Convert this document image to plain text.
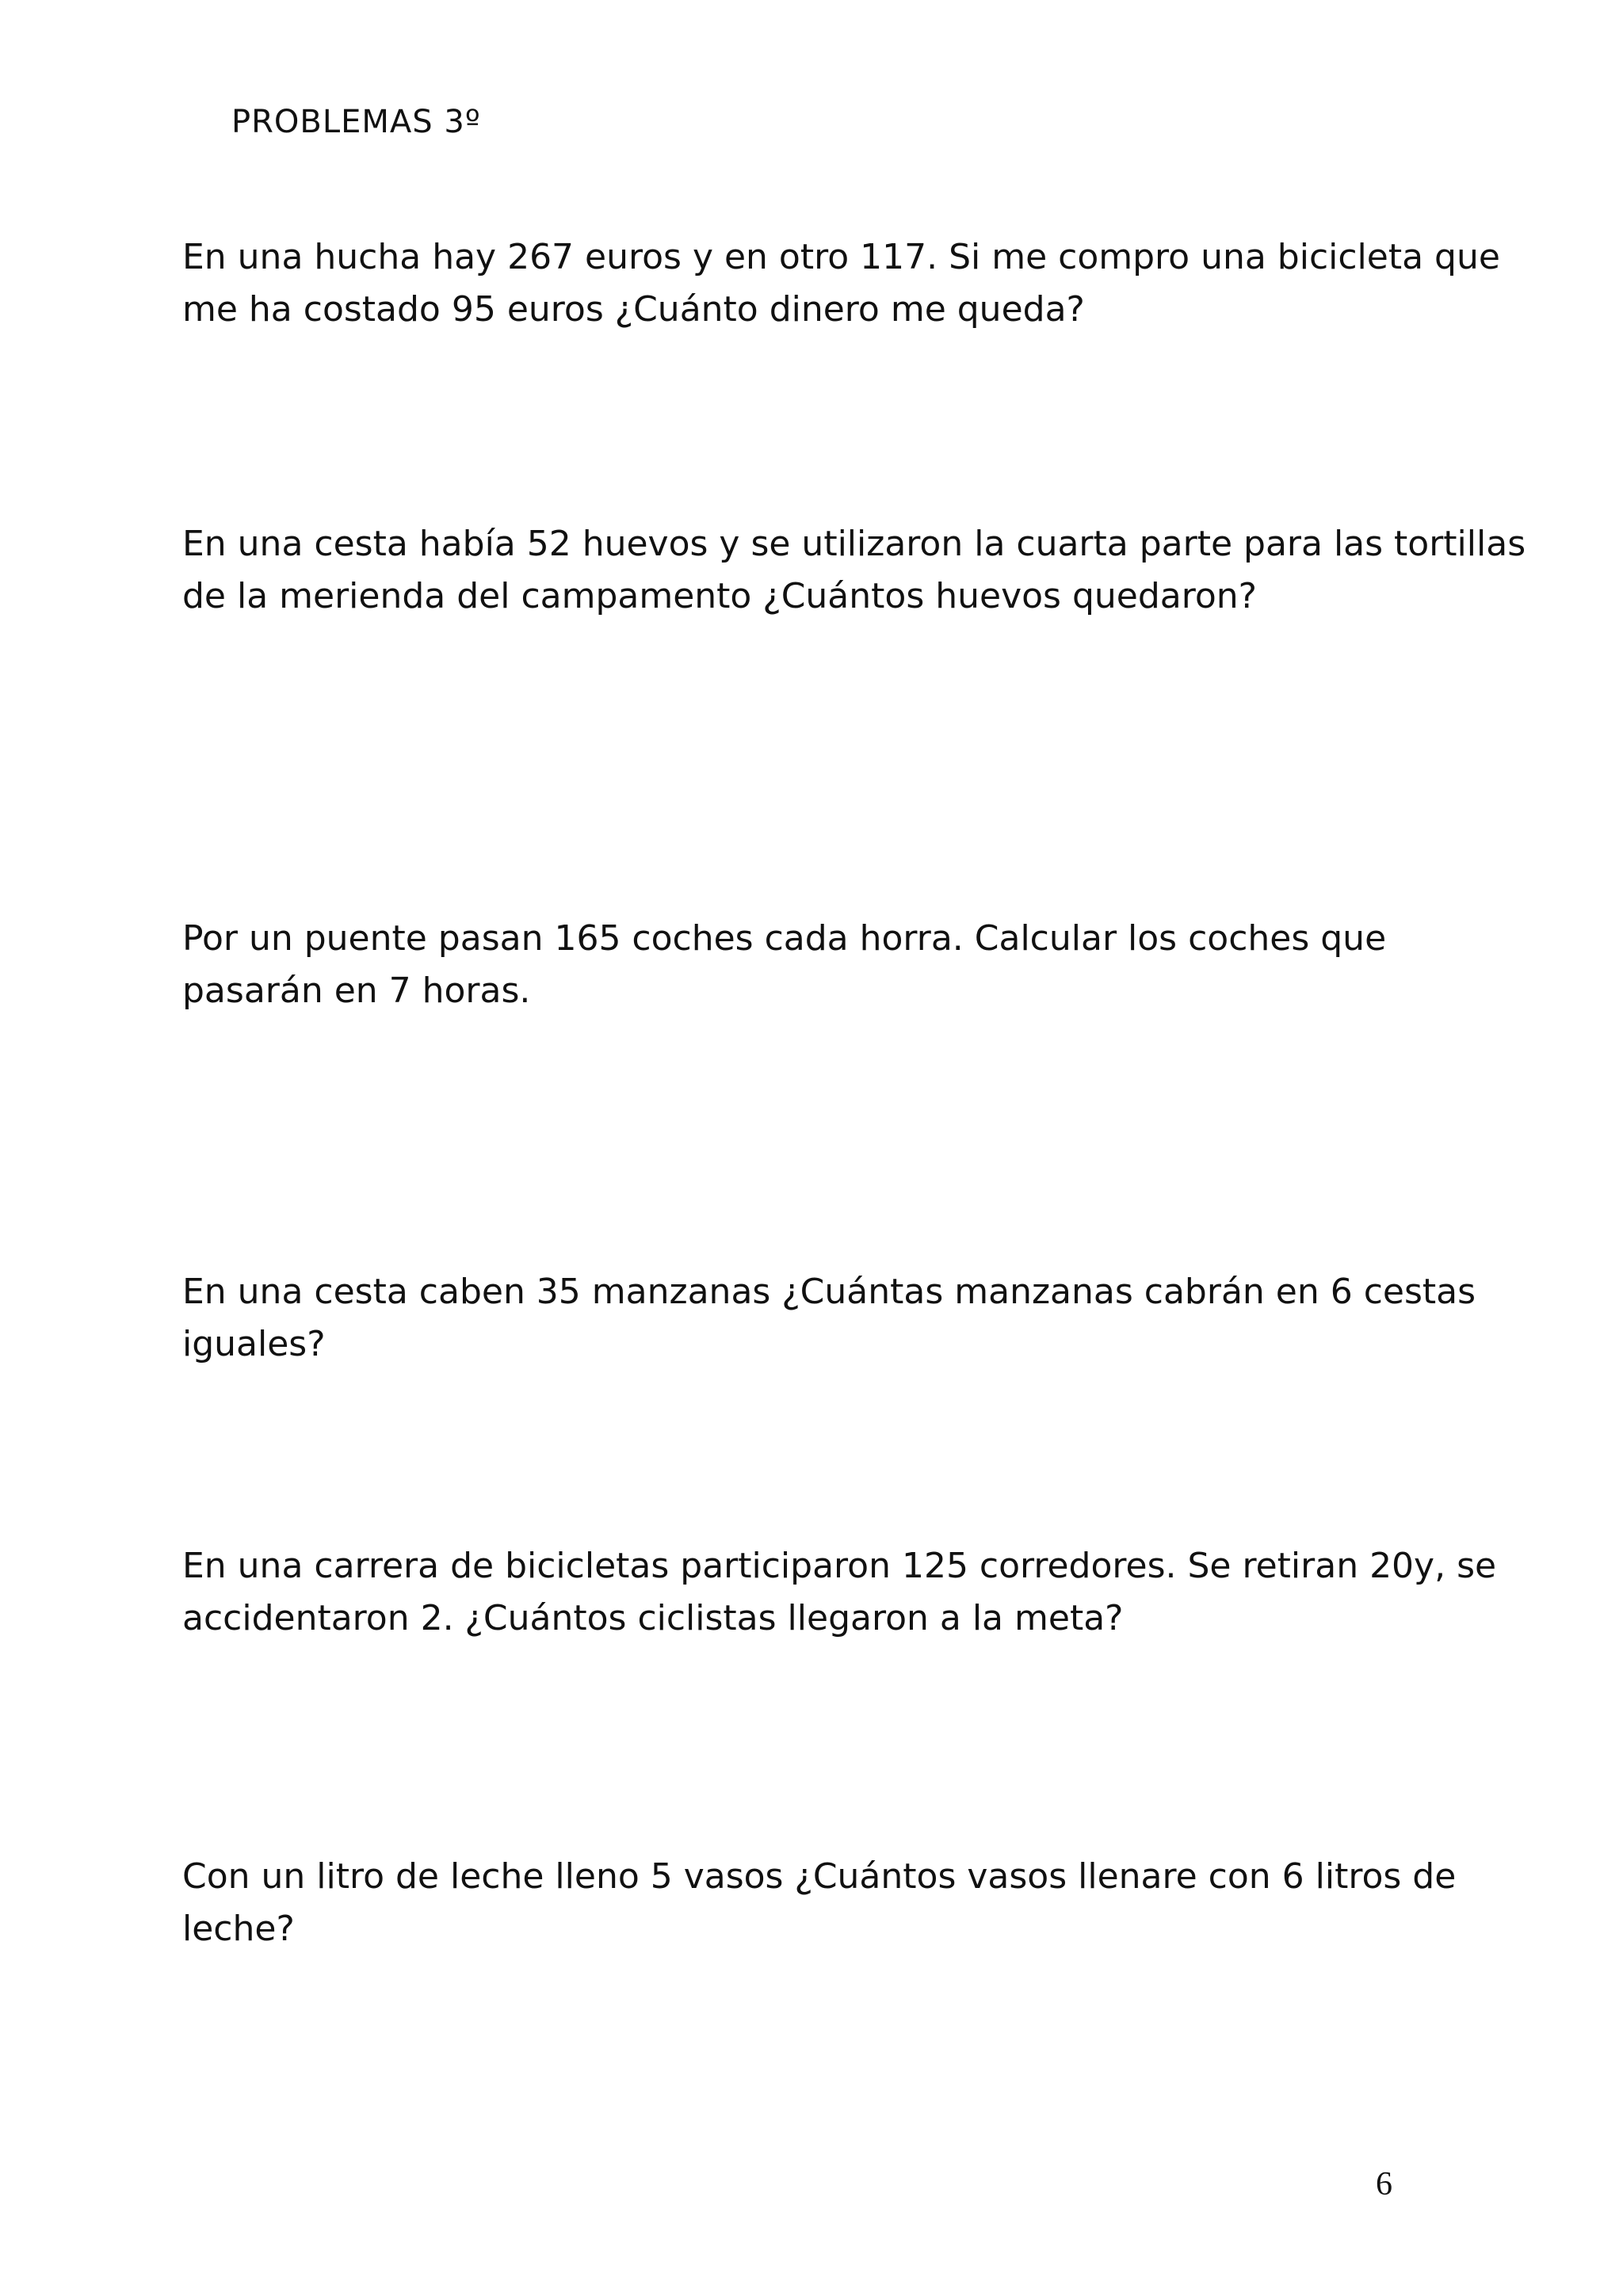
PROBLEMAS 3º

En una hucha hay 267 euros y en otro 117. Si me compro una bicicleta que me ha costado 95 euros ¿Cuánto dinero me queda?

En una cesta había 52 huevos y se utilizaron la cuarta parte para las tortillas de la merienda del campamento ¿Cuántos huevos quedaron?

Por un puente pasan 165 coches cada horra. Calcular los coches que pasarán en 7 horas.

En una cesta caben 35 manzanas ¿Cuántas manzanas cabrán en 6 cestas iguales?

En una carrera de bicicletas participaron 125 corredores. Se retiran 20y, se accidentaron 2. ¿Cuántos ciclistas llegaron a la meta?

Con un litro de leche lleno 5 vasos ¿Cuántos vasos llenare con 6 litros de leche?

6
